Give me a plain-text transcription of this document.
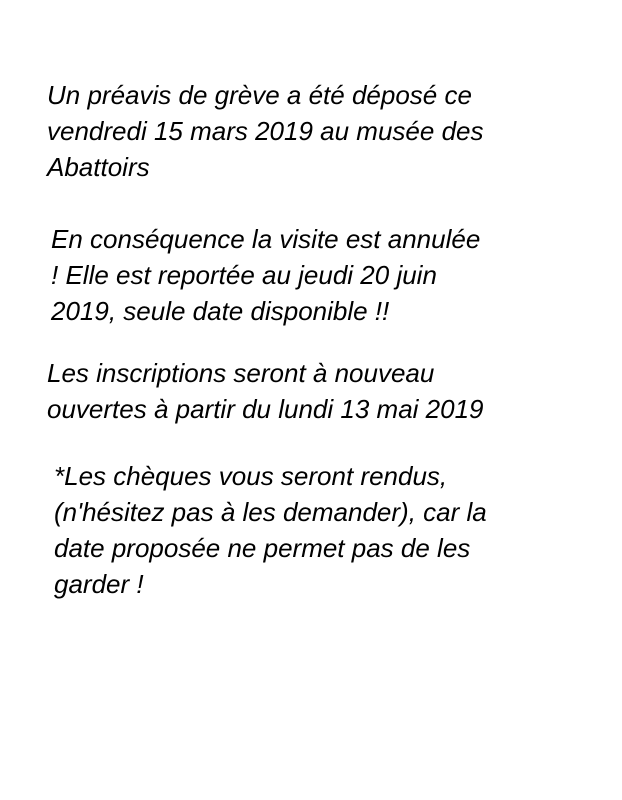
Un préavis de grève a été déposé ce
vendredi 15 mars 2019 au musée des
Abattoirs

En conséquence la visite est annulée
! Elle est reportée au jeudi 20 juin
2019, seule date disponible !!

Les inscriptions seront à nouveau
ouvertes à partir du lundi 13 mai 2019

*Les chèques vous seront rendus,
(n'hésitez pas à les demander), car la
date proposée ne permet pas de les
garder !
